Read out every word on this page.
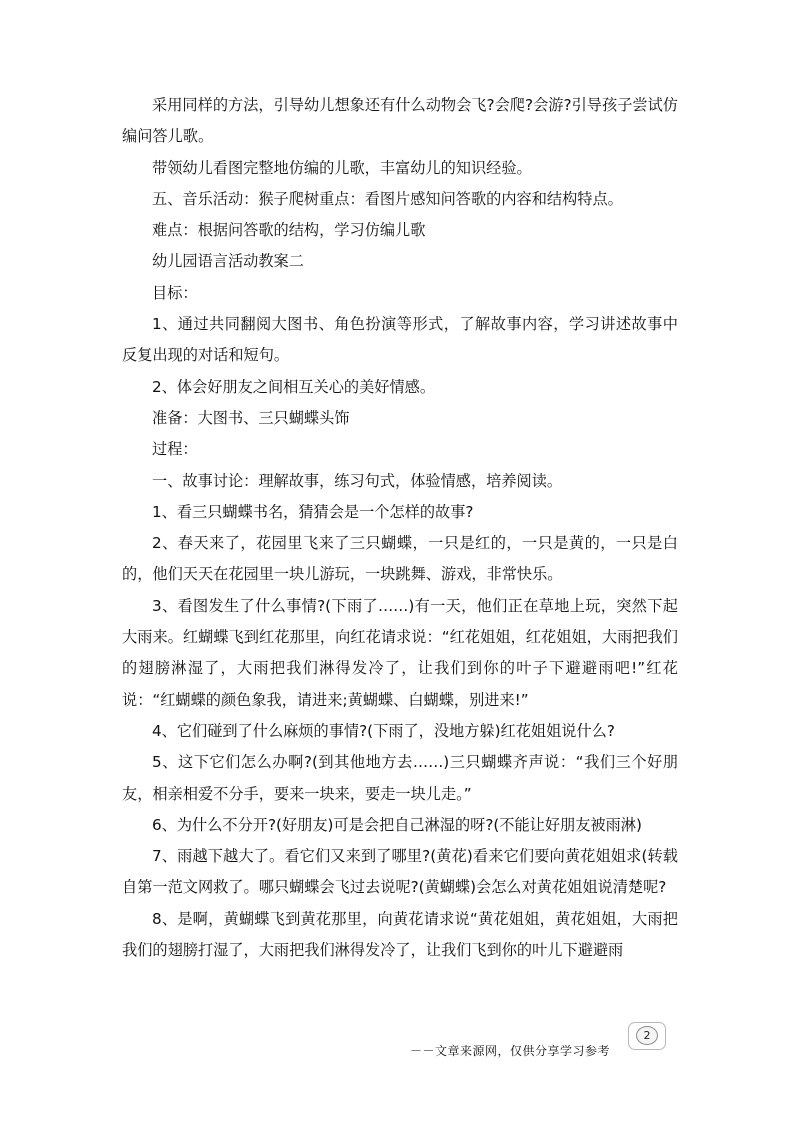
采用同样的方法，引导幼儿想象还有什么动物会飞?会爬?会游?引导孩子尝试仿编问答儿歌。

带领幼儿看图完整地仿编的儿歌，丰富幼儿的知识经验。

五、音乐活动：猴子爬树重点：看图片感知问答歌的内容和结构特点。

难点：根据问答歌的结构，学习仿编儿歌

幼儿园语言活动教案二

目标：

1、通过共同翻阅大图书、角色扮演等形式，了解故事内容，学习讲述故事中反复出现的对话和短句。

2、体会好朋友之间相互关心的美好情感。

准备：大图书、三只蝴蝶头饰

过程：

一、故事讨论：理解故事，练习句式，体验情感，培养阅读。

1、看三只蝴蝶书名，猜猜会是一个怎样的故事?

2、春天来了，花园里飞来了三只蝴蝶，一只是红的，一只是黄的，一只是白的，他们天天在花园里一块儿游玩，一块跳舞、游戏，非常快乐。

3、看图发生了什么事情?(下雨了……)有一天，他们正在草地上玩，突然下起大雨来。红蝴蝶飞到红花那里，向红花请求说：“红花姐姐，红花姐姐，大雨把我们的翅膀淋湿了，大雨把我们淋得发冷了，让我们到你的叶子下避避雨吧!”红花说：“红蝴蝶的颜色象我，请进来;黄蝴蝶、白蝴蝶，别进来!”

4、它们碰到了什么麻烦的事情?(下雨了，没地方躲)红花姐姐说什么?

5、这下它们怎么办啊?(到其他地方去……)三只蝴蝶齐声说：“我们三个好朋友，相亲相爱不分手，要来一块来，要走一块儿走。”

6、为什么不分开?(好朋友)可是会把自己淋湿的呀?(不能让好朋友被雨淋)

7、雨越下越大了。看它们又来到了哪里?(黄花)看来它们要向黄花姐姐求(转载自第一范文网救了。哪只蝴蝶会飞过去说呢?(黄蝴蝶)会怎么对黄花姐姐说清楚呢?

8、是啊，黄蝴蝶飞到黄花那里，向黄花请求说“黄花姐姐，黄花姐姐，大雨把我们的翅膀打湿了，大雨把我们淋得发冷了，让我们飞到你的叶儿下避避雨

2
－－文章来源网，仅供分享学习参考
